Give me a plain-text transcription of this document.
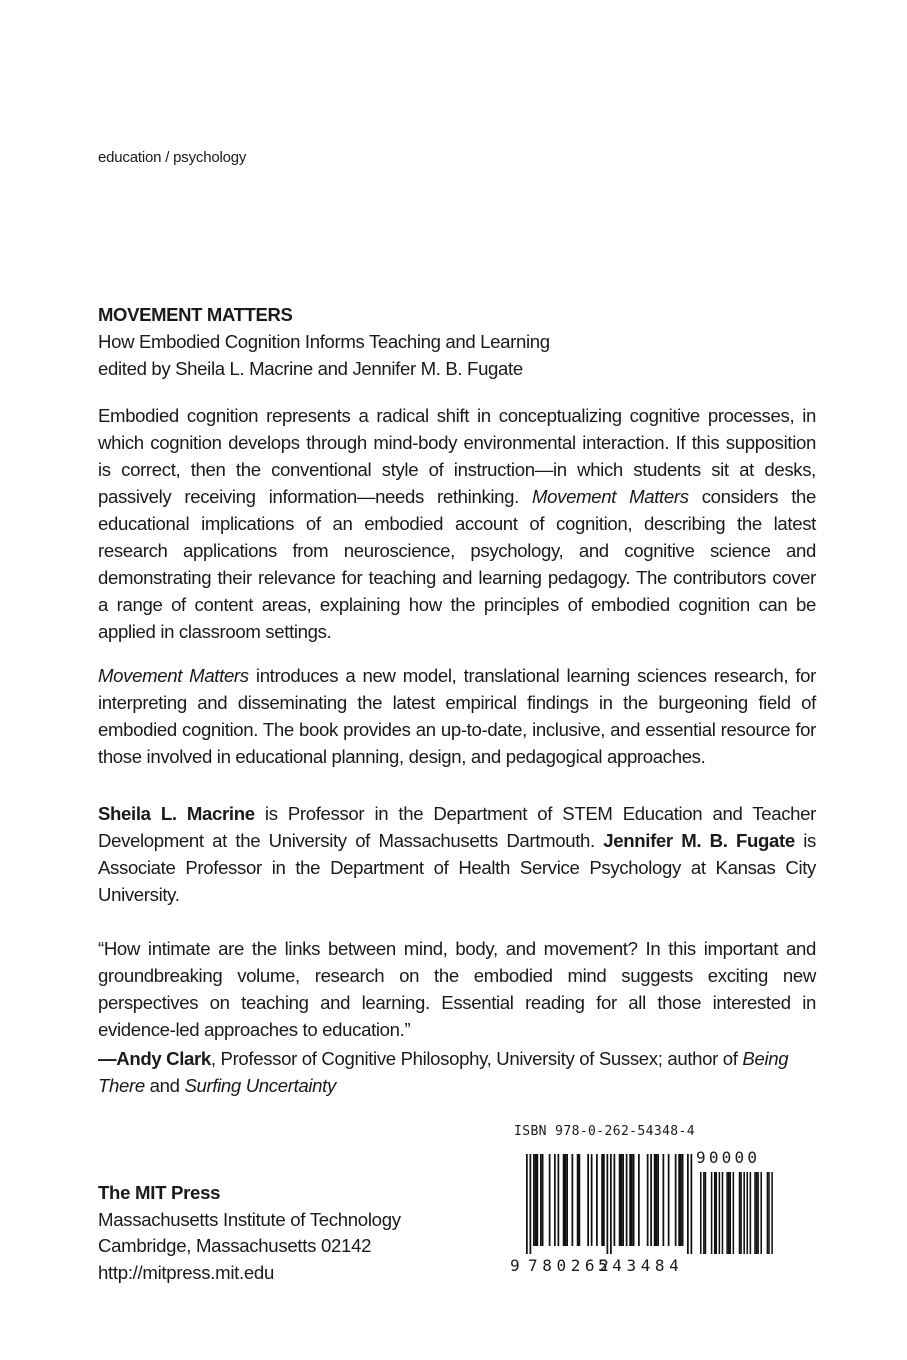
education / psychology
MOVEMENT MATTERS
How Embodied Cognition Informs Teaching and Learning
edited by Sheila L. Macrine and Jennifer M. B. Fugate
Embodied cognition represents a radical shift in conceptualizing cognitive processes, in which cognition develops through mind-body environmental interaction. If this supposition is correct, then the conventional style of instruction—in which students sit at desks, passively receiving information—needs rethinking. Movement Matters considers the educational implications of an embodied account of cognition, describing the latest research applications from neuroscience, psychology, and cognitive science and demonstrating their relevance for teaching and learning pedagogy. The contributors cover a range of content areas, explaining how the principles of embodied cognition can be applied in classroom settings.
Movement Matters introduces a new model, translational learning sciences research, for interpreting and disseminating the latest empirical findings in the burgeoning field of embodied cognition. The book provides an up-to-date, inclusive, and essential resource for those involved in educational planning, design, and pedagogical approaches.
Sheila L. Macrine is Professor in the Department of STEM Education and Teacher Development at the University of Massachusetts Dartmouth. Jennifer M. B. Fugate is Associate Professor in the Department of Health Service Psychology at Kansas City University.
“How intimate are the links between mind, body, and movement? In this important and groundbreaking volume, research on the embodied mind suggests exciting new perspectives on teaching and learning. Essential reading for all those interested in evidence-led approaches to education.”
—Andy Clark, Professor of Cognitive Philosophy, University of Sussex; author of Being There and Surfing Uncertainty
ISBN 978-0-262-54348-4
90000
9 780262
543484
The MIT Press
Massachusetts Institute of Technology
Cambridge, Massachusetts 02142
http://mitpress.mit.edu
